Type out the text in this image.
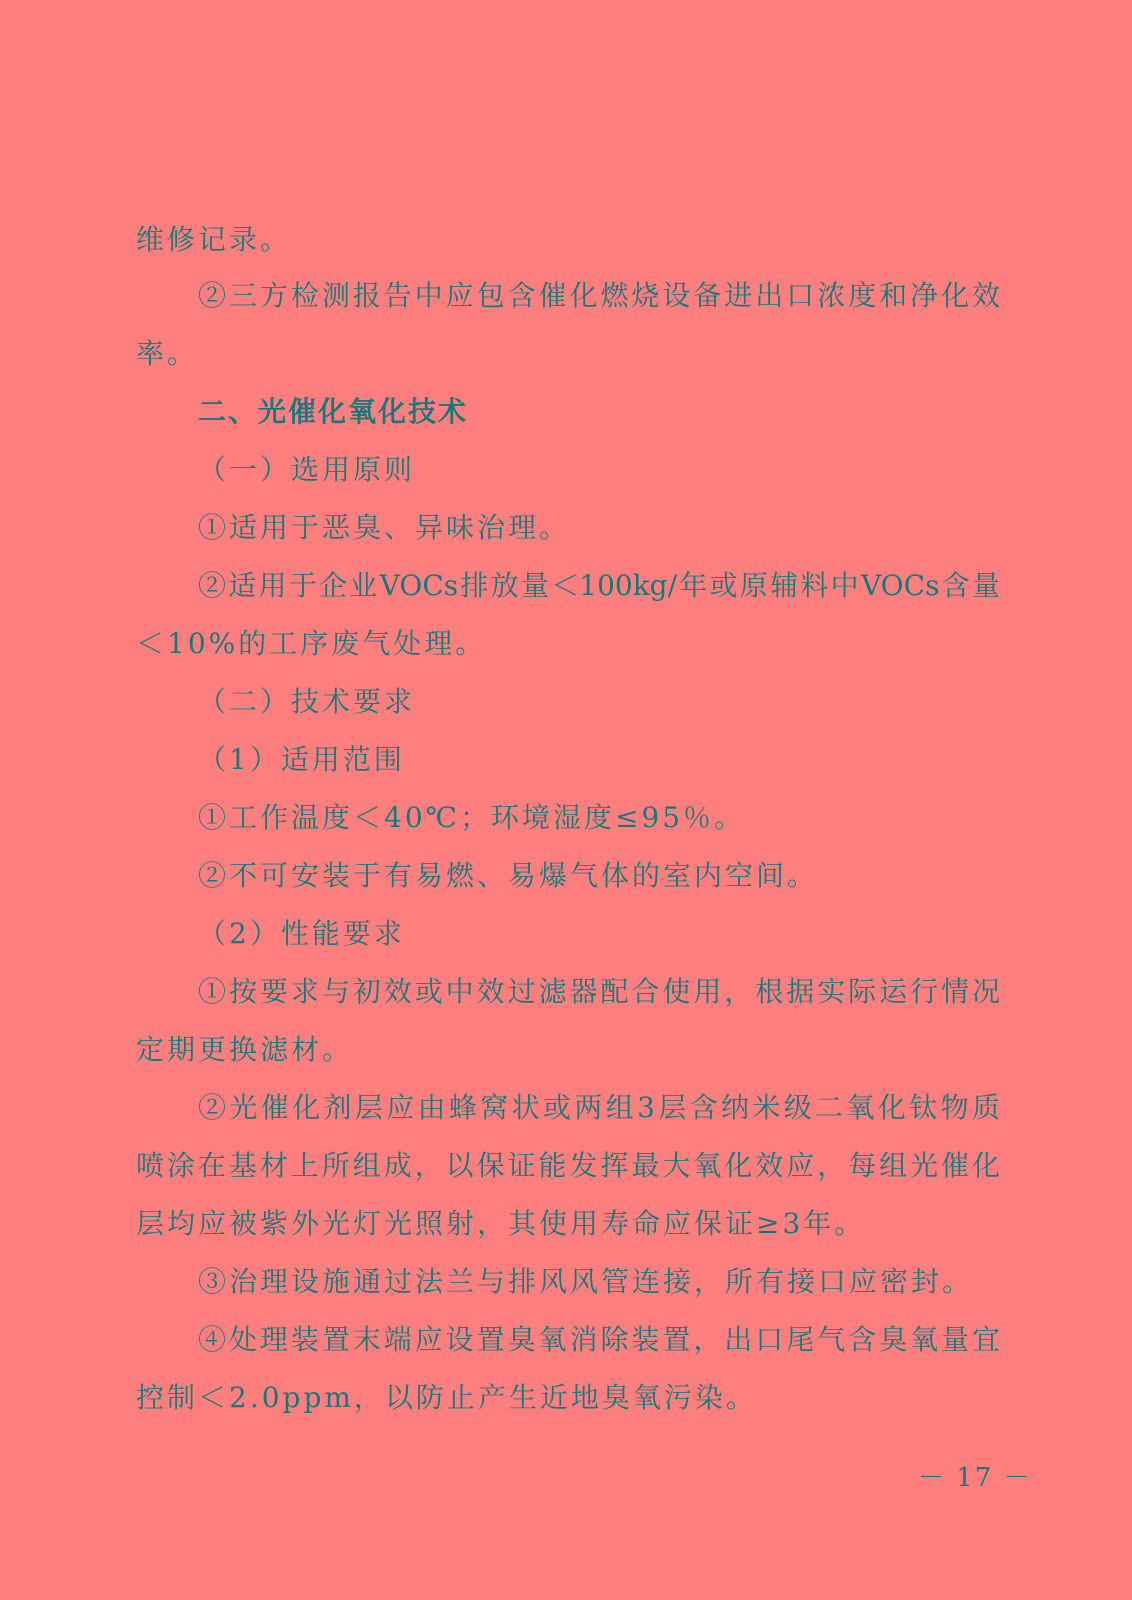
维修记录。
②三方检测报告中应包含催化燃烧设备进出口浓度和净化效
率。
二、光催化氧化技术
（一）选用原则
①适用于恶臭、异味治理。
②适用于企业VOCs排放量＜100kg/年或原辅料中VOCs含量
＜10%的工序废气处理。
（二）技术要求
（1）适用范围
①工作温度＜40℃；环境湿度≤95％。
②不可安装于有易燃、易爆气体的室内空间。
（2）性能要求
①按要求与初效或中效过滤器配合使用，根据实际运行情况
定期更换滤材。
②光催化剂层应由蜂窝状或两组3层含纳米级二氧化钛物质
喷涂在基材上所组成，以保证能发挥最大氧化效应，每组光催化
层均应被紫外光灯光照射，其使用寿命应保证≥3年。
③治理设施通过法兰与排风风管连接，所有接口应密封。
④处理装置末端应设置臭氧消除装置，出口尾气含臭氧量宜
控制＜2.0ppm，以防止产生近地臭氧污染。
－ 17 －
